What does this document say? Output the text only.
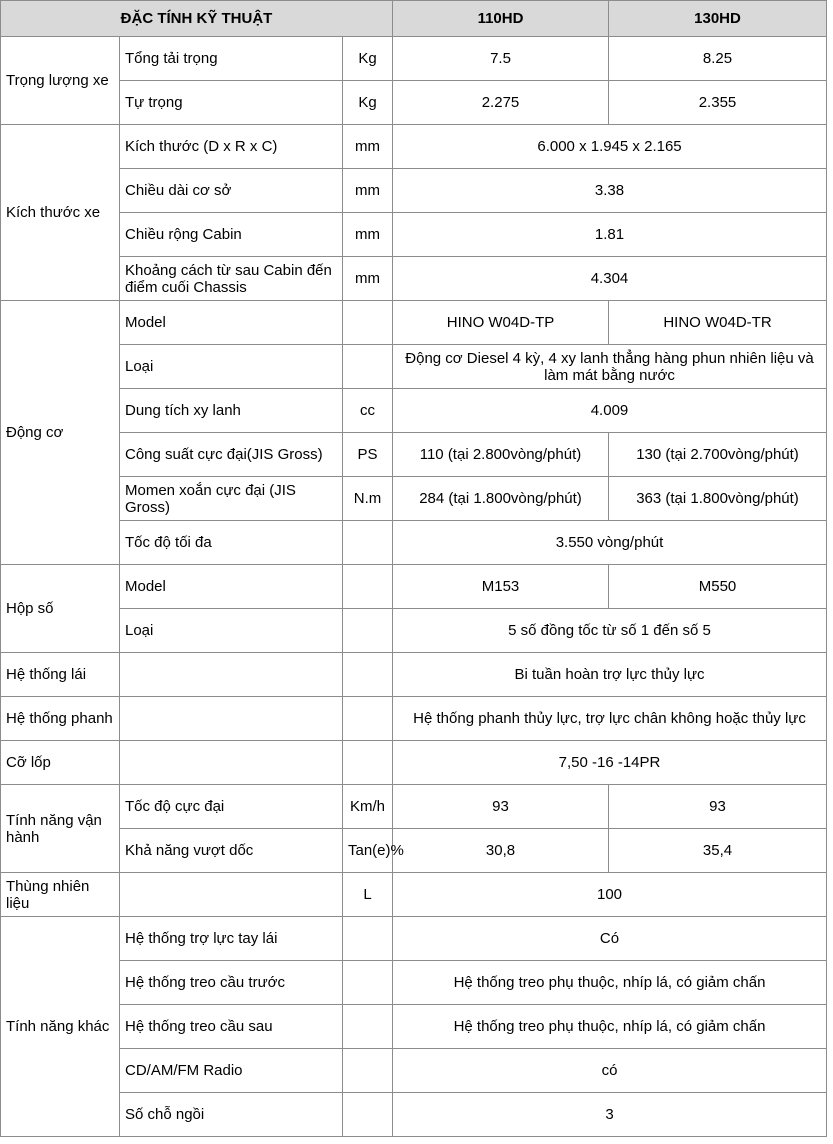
ĐẶC TÍNH KỸ THUẬT			110HD	130HD
Trọng lượng xe	Tổng tải trọng	Kg	7.5	8.25
	Tự trọng	Kg	2.275	2.355
Kích thước xe	Kích thước (D x R x C)	mm	6.000 x 1.945 x 2.165	
	Chiều dài cơ sở	mm	3.38	
	Chiều rộng Cabin	mm	1.81	
	Khoảng cách từ sau Cabin đến điểm cuối Chassis	mm	4.304	
Động cơ	Model		HINO W04D-TP	HINO W04D-TR
	Loại		Động cơ Diesel 4 kỳ, 4 xy lanh thẳng hàng phun nhiên liệu và làm mát bằng nước	
	Dung tích xy lanh	cc	4.009	
	Công suất cực đại(JIS Gross)	PS	110 (tại 2.800vòng/phút)	130 (tại 2.700vòng/phút)
	Momen xoắn cực đại (JIS Gross)	N.m	284 (tại 1.800vòng/phút)	363 (tại 1.800vòng/phút)
	Tốc độ tối đa		3.550 vòng/phút	
Hộp số	Model		M153	M550
	Loại		5 số đồng tốc từ số 1 đến số 5	
Hệ thống lái			Bi tuần hoàn trợ lực thủy lực	
Hệ thống phanh			Hệ thống phanh thủy lực, trợ lực chân không hoặc thủy lực	
Cỡ lốp			7,50 -16 -14PR	
Tính năng vận hành	Tốc độ cực đại	Km/h	93	93
	Khả năng vượt dốc	Tan(e)%	30,8	35,4
Thùng nhiên liệu		L	100	
Tính năng khác	Hệ thống trợ lực tay lái		Có	
	Hệ thống treo cầu trước		Hệ thống treo phụ thuộc, nhíp lá, có giảm chấn	
	Hệ thống treo cầu sau		Hệ thống treo phụ thuộc, nhíp lá, có giảm chấn	
	CD/AM/FM Radio		có	
	Số chỗ ngồi		3	
